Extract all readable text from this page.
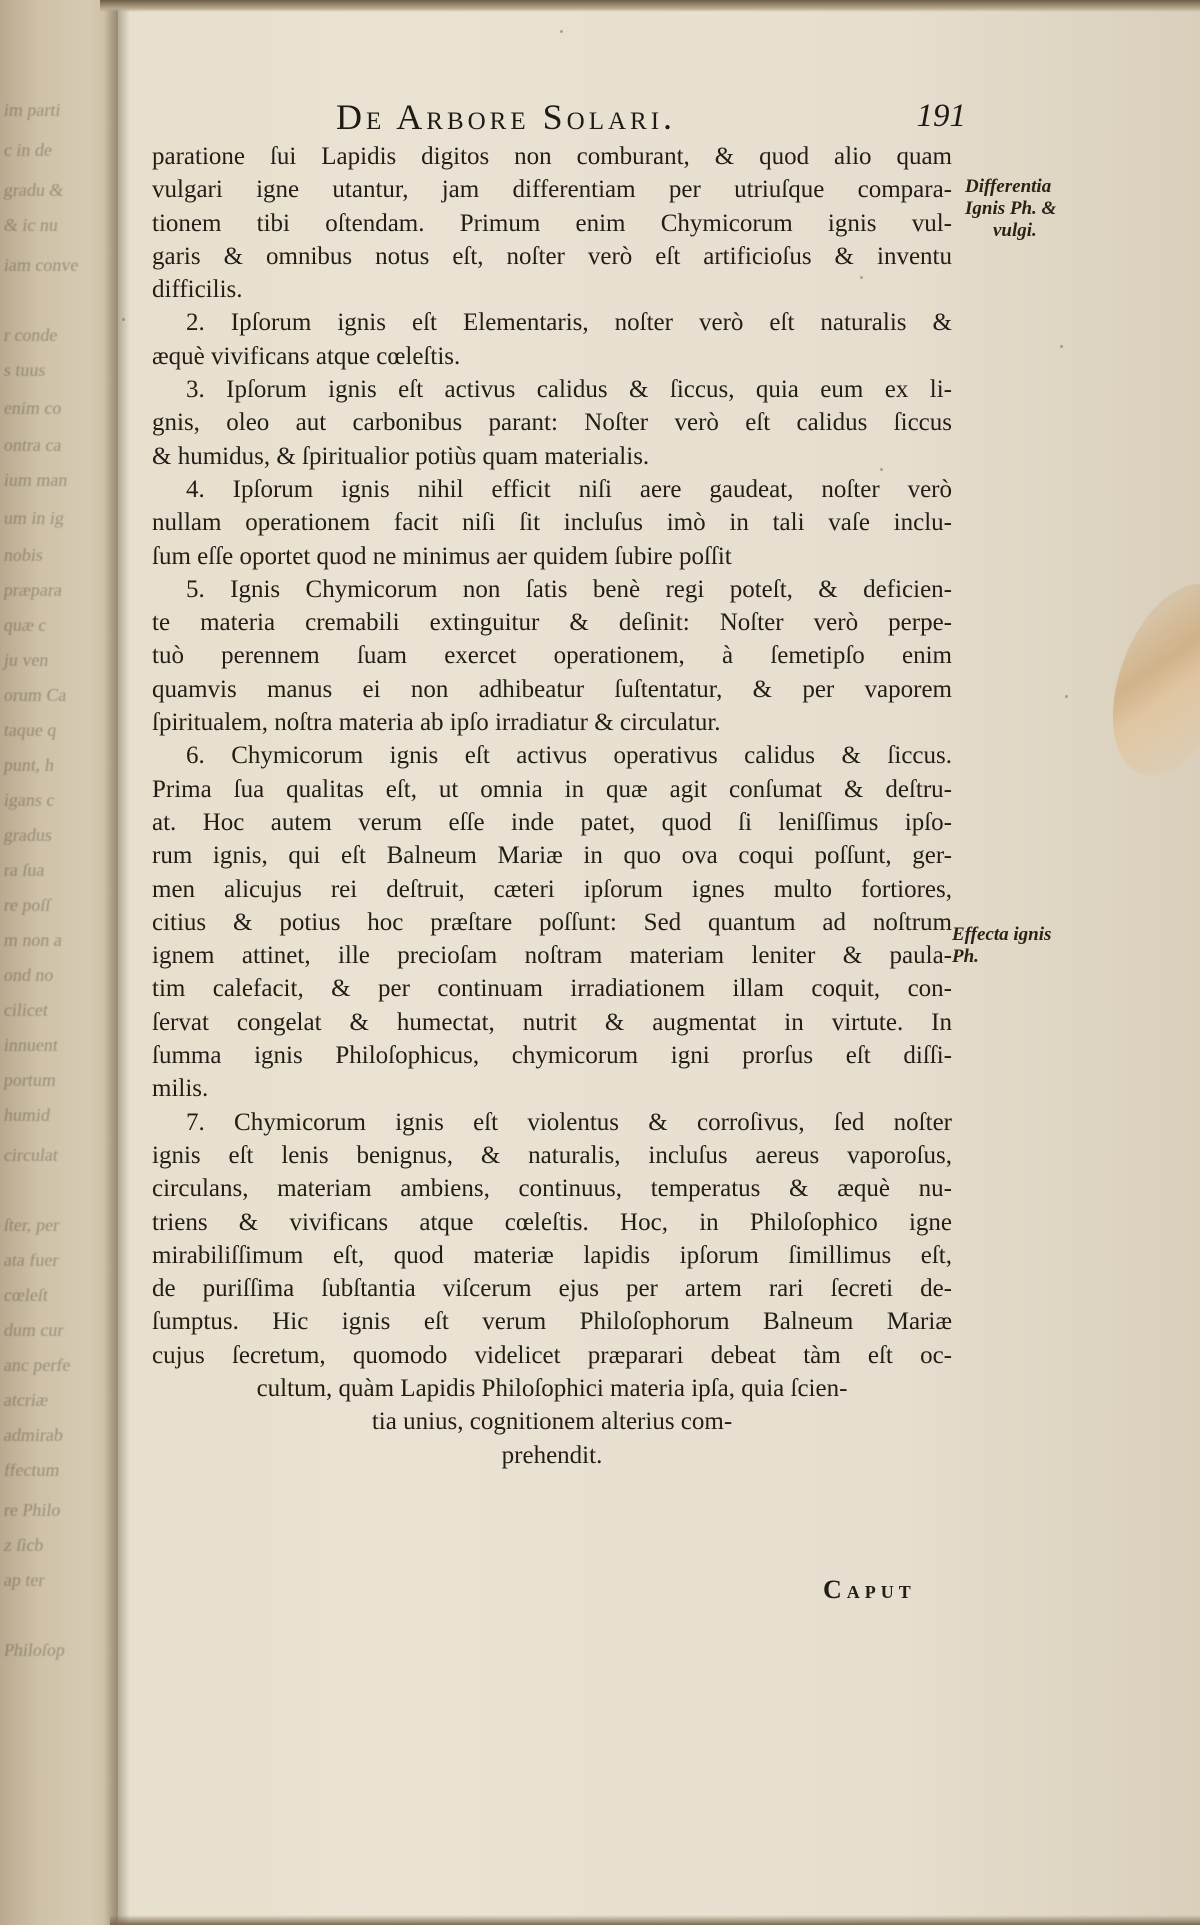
im parti
c in de
gradu &
& ic nu
iam conve
r conde
s tuus
enim co
ontra ca
ium man
um in ig
nobis
præpara
quæ c
ju ven
orum Ca
taque q
punt, h
igans c
gradus
ra ſua
re poſſ
m non a
ond no
cilicet
innuent
portum
humid
circulat
ſter, per
ata fuer
cœleſt
dum cur
anc perfe
atcriæ
admirab
ffectum
re Philo
z ſicb
ap ter
Philoſop
De Arbore Solari.	191
parationе ſui Lapidis digitos non comburant, & quod alio quam
vulgari igne utantur, jam differentiam per utriuſque compara-
tionem tibi oſtendam. Primum enim Chymicorum ignis vul-
garis & omnibus notus eſt, noſter verò eſt artificioſus & inventu
difficilis.
2. Ipſorum ignis eſt Elementaris, noſter verò eſt naturalis &
æquè vivificans atque cœleſtis.
3. Ipſorum ignis eſt activus calidus & ſiccus, quia eum ex li-
gnis, oleo aut carbonibus parant: Noſter verò eſt calidus ſiccus
& humidus, & ſpiritualior potiùs quam materialis.
4. Ipſorum ignis nihil efficit niſi aere gaudeat, noſter verò
nullam operationem facit niſi ſit incluſus imò in tali vaſe inclu-
ſum eſſe oportet quod ne minimus aer quidem ſubire poſſit
5. Ignis Chymicorum non ſatis benè regi poteſt, & deficien-
te materia cremabili extinguitur & deſinit: Noſter verò perpe-
tuò perennem ſuam exercet operationem, à ſemetipſo enim
quamvis manus ei non adhibeatur ſuſtentatur, & per vaporem
ſpiritualem, noſtra materia ab ipſo irradiatur & circulatur.
6. Chymicorum ignis eſt activus operativus calidus & ſiccus.
Prima ſua qualitas eſt, ut omnia in quæ agit conſumat & deſtru-
at. Hoc autem verum eſſe inde patet, quod ſi leniſſimus ipſo-
rum ignis, qui eſt Balneum Mariæ in quo ova coqui poſſunt, ger-
men alicujus rei deſtruit, cæteri ipſorum ignes multo fortiores,
citius & potius hoc præſtare poſſunt: Sed quantum ad noſtrum
ignem attinet, ille precioſam noſtram materiam leniter & paula-
tim calefacit, & per continuam irradiationem illam coquit, con-
ſervat congelat & humectat, nutrit & augmentat in virtute. In
ſumma ignis Philoſophicus, chymicorum igni prorſus eſt diſſi-
milis.
7. Chymicorum ignis eſt violentus & corroſivus, ſed noſter
ignis eſt lenis benignus, & naturalis, incluſus aereus vaporoſus,
circulans, materiam ambiens, continuus, temperatus & æquè nu-
triens & vivificans atque cœleſtis. Hoc, in Philoſophico igne
mirabiliſſimum eſt, quod materiæ lapidis ipſorum ſimillimus eſt,
de puriſſima ſubſtantia viſcerum ejus per artem rari ſecreti de-
ſumptus. Hic ignis eſt verum Philoſophorum Balneum Mariæ
cujus ſecretum, quomodo videlicet præparari debeat tàm eſt oc-
cultum, quàm Lapidis Philoſophici materia ipſa, quia ſcien-
tia unius, cognitionem alterius com-
prehendit.
Differentia
Ignis Ph. &
vulgi.
Effecta ignis
Ph.
Caput
